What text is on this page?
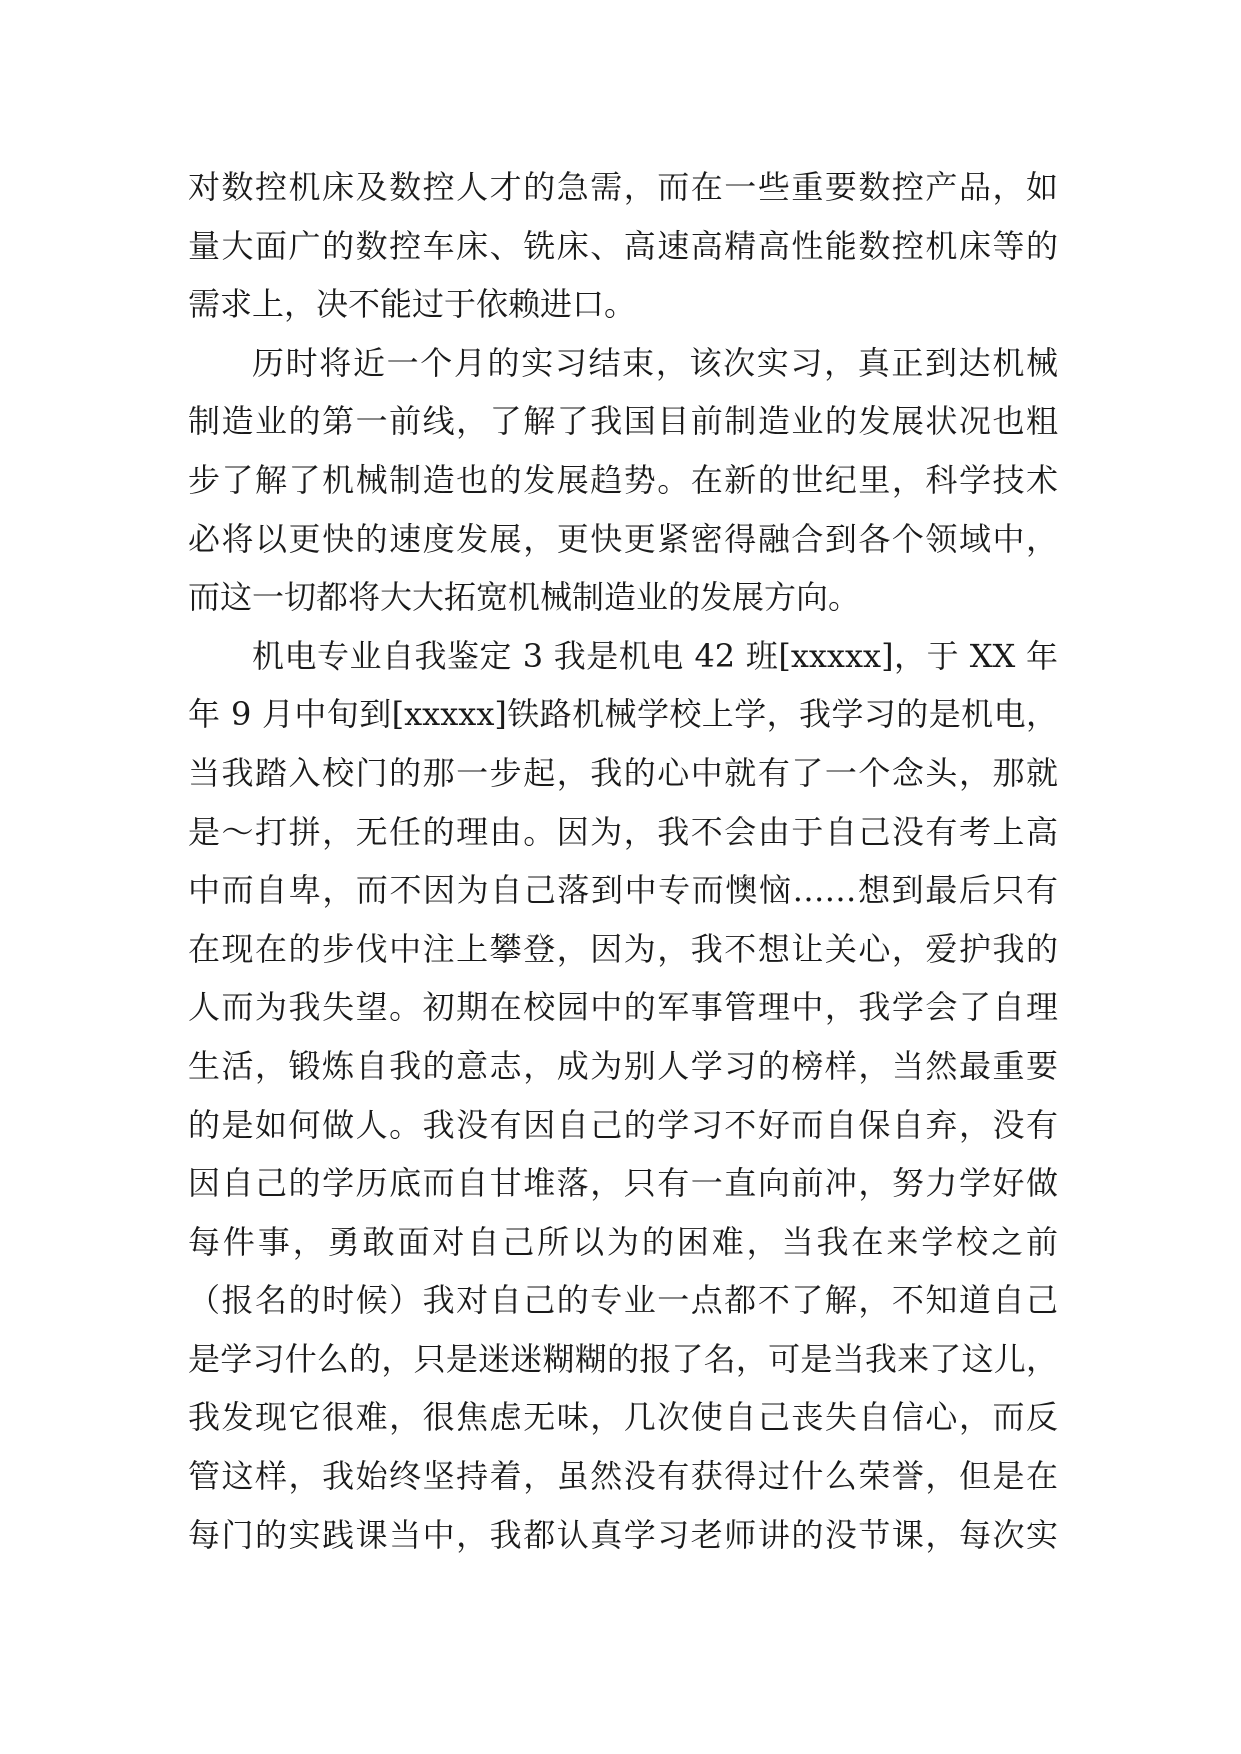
对数控机床及数控人才的急需，而在一些重要数控产品，如
量大面广的数控车床、铣床、高速高精高性能数控机床等的
需求上，决不能过于依赖进口。
历时将近一个月的实习结束，该次实习，真正到达机械
制造业的第一前线，了解了我国目前制造业的发展状况也粗
步了解了机械制造也的发展趋势。在新的世纪里，科学技术
必将以更快的速度发展，更快更紧密得融合到各个领域中，
而这一切都将大大拓宽机械制造业的发展方向。
机电专业自我鉴定 3 我是机电 42 班[xxxxx]，于 XX 年
年 9 月中旬到[xxxxx]铁路机械学校上学，我学习的是机电，
当我踏入校门的那一步起，我的心中就有了一个念头，那就
是～打拼，无任的理由。因为，我不会由于自己没有考上高
中而自卑，而不因为自己落到中专而懊恼……想到最后只有
在现在的步伐中注上攀登，因为，我不想让关心，爱护我的
人而为我失望。初期在校园中的军事管理中，我学会了自理
生活，锻炼自我的意志，成为别人学习的榜样，当然最重要
的是如何做人。我没有因自己的学习不好而自保自弃，没有
因自己的学历底而自甘堆落，只有一直向前冲，努力学好做
每件事，勇敢面对自己所以为的困难，当我在来学校之前
（报名的时候）我对自己的专业一点都不了解，不知道自己
是学习什么的，只是迷迷糊糊的报了名，可是当我来了这儿，
我发现它很难，很焦虑无味，几次使自己丧失自信心，而反
管这样，我始终坚持着，虽然没有获得过什么荣誉，但是在
每门的实践课当中，我都认真学习老师讲的没节课，每次实
